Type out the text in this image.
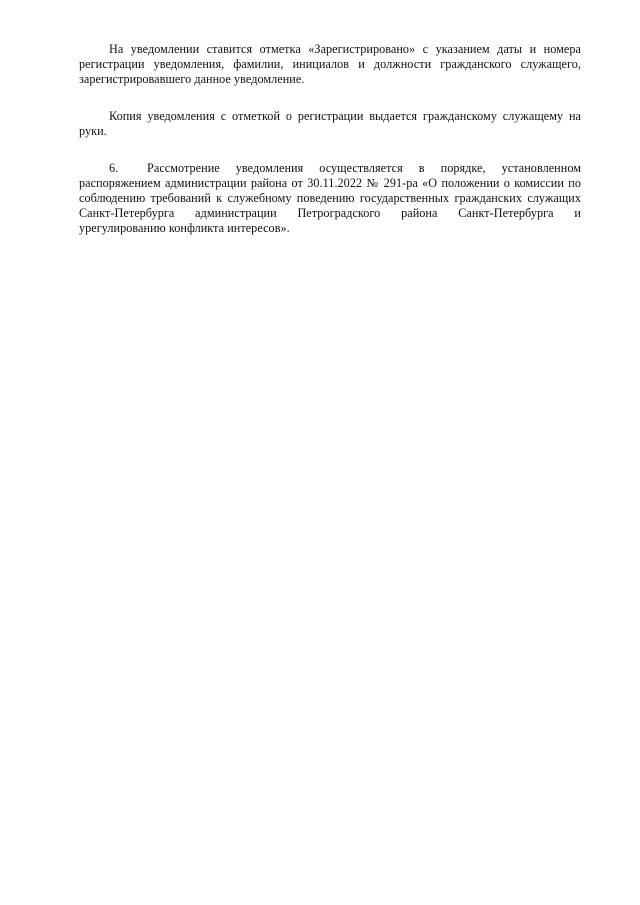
На уведомлении ставится отметка «Зарегистрировано» с указанием даты и номера регистрации уведомления, фамилии, инициалов и должности гражданского служащего, зарегистрировавшего данное уведомление.

Копия уведомления с отметкой о регистрации выдается гражданскому служащему на руки.

6. Рассмотрение уведомления осуществляется в порядке, установленном распоряжением администрации района от 30.11.2022 № 291-ра «О положении о комиссии по соблюдению требований к служебному поведению государственных гражданских служащих Санкт-Петербурга администрации Петроградского района Санкт-Петербурга и урегулированию конфликта интересов».
